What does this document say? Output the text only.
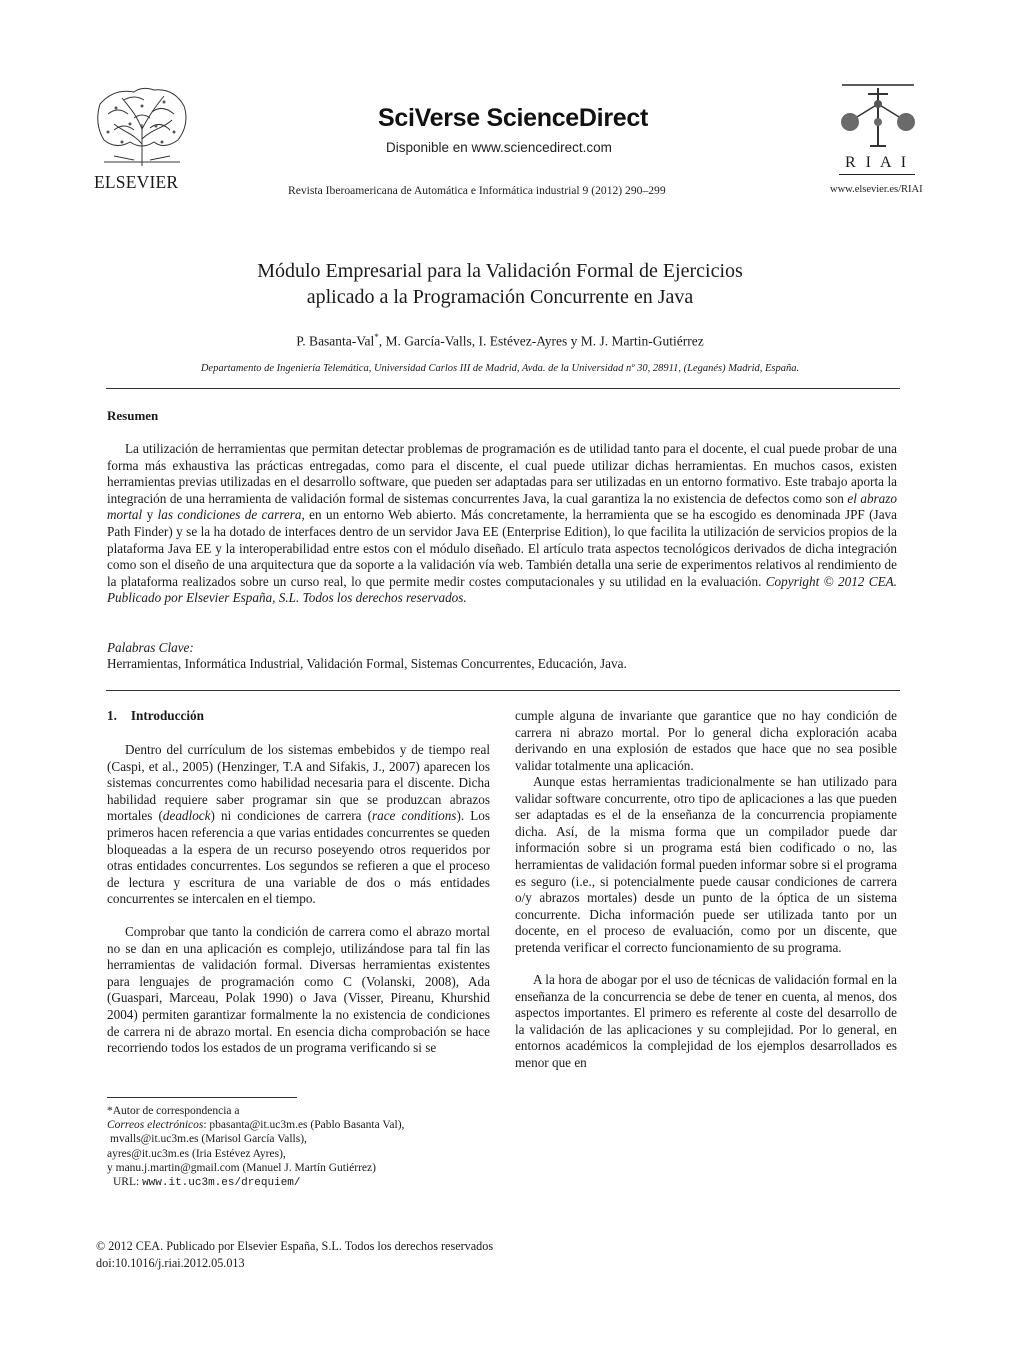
ELSEVIER
SciVerse ScienceDirect
Disponible en www.sciencedirect.com
Revista Iberoamericana de Automática e Informática industrial 9 (2012) 290–299
R I A I
www.elsevier.es/RIAI
Módulo Empresarial para la Validación Formal de Ejercicios
aplicado a la Programación Concurrente en Java
P. Basanta-Val*, M. García-Valls, I. Estévez-Ayres y M. J. Martin-Gutiérrez
Departamento de Ingeniería Telemática, Universidad Carlos III de Madrid, Avda. de la Universidad nº 30, 28911, (Leganés) Madrid, España.
Resumen
La utilización de herramientas que permitan detectar problemas de programación es de utilidad tanto para el docente, el cual puede probar de una forma más exhaustiva las prácticas entregadas, como para el discente, el cual puede utilizar dichas herramientas. En muchos casos, existen herramientas previas utilizadas en el desarrollo software, que pueden ser adaptadas para ser utilizadas en un entorno formativo. Este trabajo aporta la integración de una herramienta de validación formal de sistemas concurrentes Java, la cual garantiza la no existencia de defectos como son el abrazo mortal y las condiciones de carrera, en un entorno Web abierto. Más concretamente, la herramienta que se ha escogido es denominada JPF (Java Path Finder) y se la ha dotado de interfaces dentro de un servidor Java EE (Enterprise Edition), lo que facilita la utilización de servicios propios de la plataforma Java EE y la interoperabilidad entre estos con el módulo diseñado. El artículo trata aspectos tecnológicos derivados de dicha integración como son el diseño de una arquitectura que da soporte a la validación vía web. También detalla una serie de experimentos relativos al rendimiento de la plataforma realizados sobre un curso real, lo que permite medir costes computacionales y su utilidad en la evaluación. Copyright © 2012 CEA. Publicado por Elsevier España, S.L. Todos los derechos reservados.
Palabras Clave:
Herramientas, Informática Industrial, Validación Formal, Sistemas Concurrentes, Educación, Java.
1. Introducción
Dentro del currículum de los sistemas embebidos y de tiempo real (Caspi, et al., 2005) (Henzinger, T.A and Sifakis, J., 2007) aparecen los sistemas concurrentes como habilidad necesaria para el discente. Dicha habilidad requiere saber programar sin que se produzcan abrazos mortales (deadlock) ni condiciones de carrera (race conditions). Los primeros hacen referencia a que varias entidades concurrentes se queden bloqueadas a la espera de un recurso poseyendo otros requeridos por otras entidades concurrentes. Los segundos se refieren a que el proceso de lectura y escritura de una variable de dos o más entidades concurrentes se intercalen en el tiempo.
Comprobar que tanto la condición de carrera como el abrazo mortal no se dan en una aplicación es complejo, utilizándose para tal fin las herramientas de validación formal. Diversas herramientas existentes para lenguajes de programación como C (Volanski, 2008), Ada (Guaspari, Marceau, Polak 1990) o Java (Visser, Pireanu, Khurshid 2004) permiten garantizar formalmente la no existencia de condiciones de carrera ni de abrazo mortal. En esencia dicha comprobación se hace recorriendo todos los estados de un programa verificando si se
*Autor de correspondencia a
Correos electrónicos: pbasanta@it.uc3m.es (Pablo Basanta Val),
mvalls@it.uc3m.es (Marisol García Valls),
ayres@it.uc3m.es (Iria Estévez Ayres),
y manu.j.martin@gmail.com (Manuel J. Martín Gutiérrez)
URL: www.it.uc3m.es/drequiem/
cumple alguna de invariante que garantice que no hay condición de carrera ni abrazo mortal. Por lo general dicha exploración acaba derivando en una explosión de estados que hace que no sea posible validar totalmente una aplicación.
Aunque estas herramientas tradicionalmente se han utilizado para validar software concurrente, otro tipo de aplicaciones a las que pueden ser adaptadas es el de la enseñanza de la concurrencia propiamente dicha. Así, de la misma forma que un compilador puede dar información sobre si un programa está bien codificado o no, las herramientas de validación formal pueden informar sobre si el programa es seguro (i.e., si potencialmente puede causar condiciones de carrera o/y abrazos mortales) desde un punto de la óptica de un sistema concurrente. Dicha información puede ser utilizada tanto por un docente, en el proceso de evaluación, como por un discente, que pretenda verificar el correcto funcionamiento de su programa.
A la hora de abogar por el uso de técnicas de validación formal en la enseñanza de la concurrencia se debe de tener en cuenta, al menos, dos aspectos importantes. El primero es referente al coste del desarrollo de la validación de las aplicaciones y su complejidad. Por lo general, en entornos académicos la complejidad de los ejemplos desarrollados es menor que en
© 2012 CEA. Publicado por Elsevier España, S.L. Todos los derechos reservados
doi:10.1016/j.riai.2012.05.013
